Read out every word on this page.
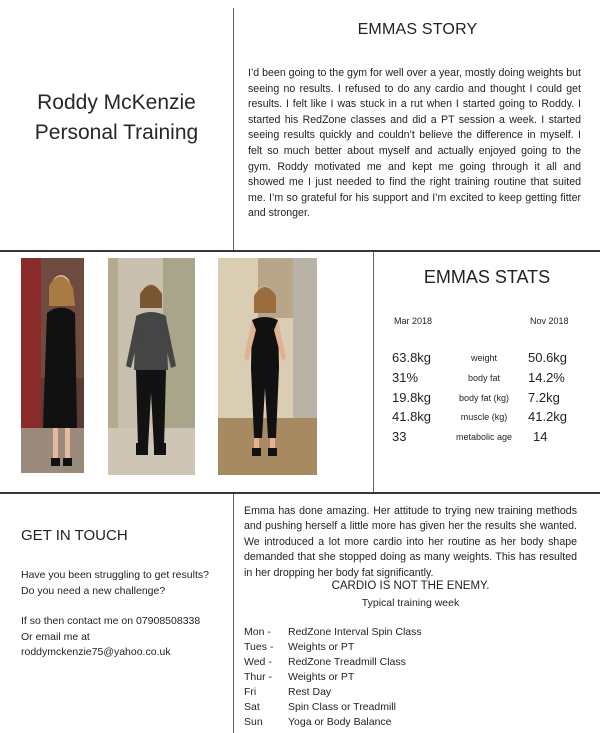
Roddy McKenzie
Personal Training
EMMAS STORY
I’d been going to the gym for well over a year, mostly doing weights but seeing no results. I refused to do any cardio and thought I could get results. I felt like I was stuck in a rut when I started going to Roddy. I started his RedZone classes and did a PT session a week. I started seeing results quickly and couldn’t believe the difference in myself. I felt so much better about myself and actually enjoyed going to the gym. Roddy motivated me and kept me going through it all and showed me I just needed to find the right training routine that suited me. I’m so grateful for his support and I’m excited to keep getting fitter and stronger.
EMMAS STATS
Mar 2018	Nov 2018
63.8kg	weight	50.6kg
31%	body fat	14.2%
19.8kg	body fat (kg)	7.2kg
41.8kg	muscle (kg)	41.2kg
33	metabolic age	14
GET IN TOUCH

Have you been struggling to get results?

Do you need a new challenge?

If so then contact me on 07908508338

Or email me at

roddymckenzie75@yahoo.co.uk

Emma has done amazing. Her attitude to trying new training methods and pushing herself a little more has given her the results she wanted. We introduced a lot more cardio into her routine as her body shape demanded that she stopped doing as many weights. This has resulted in her dropping her body fat significantly.
CARDIO IS NOT THE ENEMY.
Typical training week
Mon - RedZone Interval Spin Class
Tues - Weights or PT
Wed - RedZone Treadmill Class
Thur - Weights or PT
Fri	Rest Day
Sat	Spin Class or Treadmill
Sun Yoga or Body Balance
